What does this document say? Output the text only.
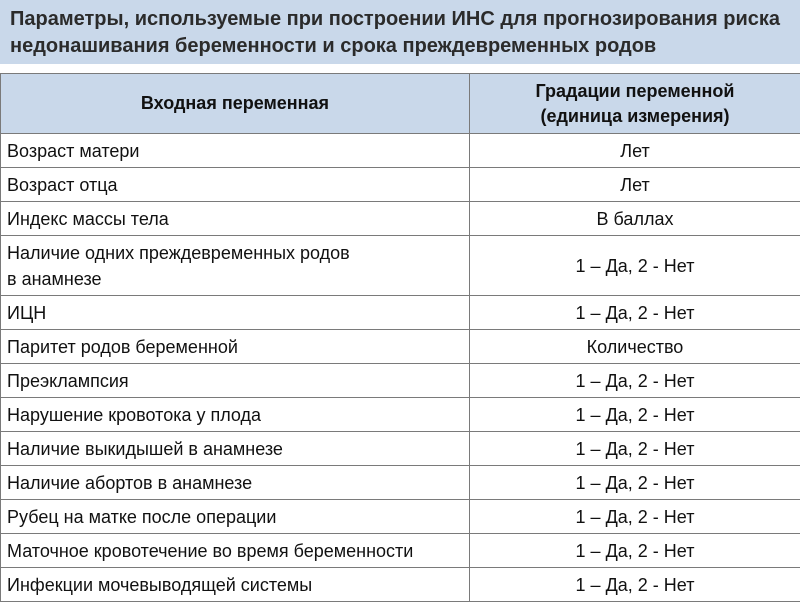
Параметры, используемые при построении ИНС для прогнозирования риска
недонашивания беременности и срока преждевременных родов
Входная переменная	Градации переменной
(единица измерения)

Возраст матери	Лет
Возраст отца	Лет
Индекс массы тела	В баллах

Наличие одних преждевременных родов
в анамнезе	1 – Да, 2 - Нет
ИЦН	1 – Да, 2 - Нет
Паритет родов беременной	Количество
Преэклампсия	1 – Да, 2 - Нет
Нарушение кровотока у плода	1 – Да, 2 - Нет
Наличие выкидышей в анамнезе	1 – Да, 2 - Нет
Наличие абортов в анамнезе	1 – Да, 2 - Нет
Рубец на матке после операции	1 – Да, 2 - Нет
Маточное кровотечение во время беременности	1 – Да, 2 - Нет
Инфекции мочевыводящей системы	1 – Да, 2 - Нет
